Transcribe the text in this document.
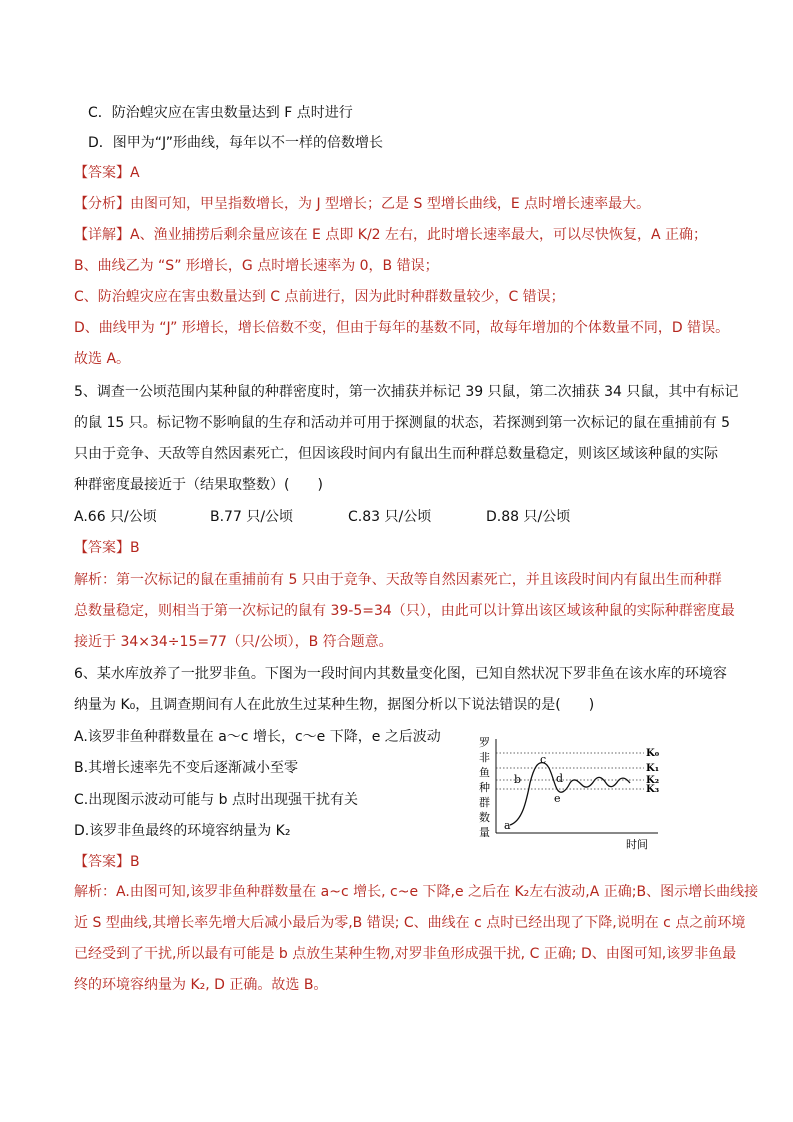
C．防治蝗灾应在害虫数量达到 F 点时进行
D．图甲为“J”形曲线，每年以不一样的倍数增长
【答案】A
【分析】由图可知，甲呈指数增长，为 J 型增长；乙是 S 型增长曲线，E 点时增长速率最大。
【详解】A、渔业捕捞后剩余量应该在 E 点即 K/2 左右，此时增长速率最大，可以尽快恢复，A 正确；
B、曲线乙为 “S” 形增长，G 点时增长速率为 0，B 错误；
C、防治蝗灾应在害虫数量达到 C 点前进行，因为此时种群数量较少，C 错误；
D、曲线甲为 “J” 形增长，增长倍数不变，但由于每年的基数不同，故每年增加的个体数量不同，D 错误。
故选 A。
5、调查一公顷范围内某种鼠的种群密度时，第一次捕获并标记 39 只鼠，第二次捕获 34 只鼠，其中有标记
的鼠 15 只。标记物不影响鼠的生存和活动并可用于探测鼠的状态，若探测到第一次标记的鼠在重捕前有 5
只由于竞争、天敌等自然因素死亡，但因该段时间内有鼠出生而种群总数量稳定，则该区域该种鼠的实际
种群密度最接近于（结果取整数）(　　)
A.66 只/公顷	B.77 只/公顷	C.83 只/公顷	D.88 只/公顷
【答案】B
解析：第一次标记的鼠在重捕前有 5 只由于竞争、天敌等自然因素死亡，并且该段时间内有鼠出生而种群
总数量稳定，则相当于第一次标记的鼠有 39-5=34（只），由此可以计算出该区域该种鼠的实际种群密度最
接近于 34×34÷15=77（只/公顷），B 符合题意。
6、某水库放养了一批罗非鱼。下图为一段时间内其数量变化图，已知自然状况下罗非鱼在该水库的环境容
纳量为 K₀，且调查期间有人在此放生过某种生物，据图分析以下说法错误的是(　　)
A.该罗非鱼种群数量在 a～c 增长，c～e 下降，e 之后波动
B.其增长速率先不变后逐渐减小至零
C.出现图示波动可能与 b 点时出现强干扰有关
D.该罗非鱼最终的环境容纳量为 K₂
罗
非
鱼
种
群
数
量
时间
K₀
K₁
K₂
K₃
a
b
c
d
e
【答案】B
解析：A.由图可知,该罗非鱼种群数量在 a~c 增长, c~e 下降,e 之后在 K₂左右波动,A 正确;B、图示增长曲线接
近 S 型曲线,其增长率先增大后减小最后为零,B 错误; C、曲线在 c 点时已经出现了下降,说明在 c 点之前环境
已经受到了干扰,所以最有可能是 b 点放生某种生物,对罗非鱼形成强干扰, C 正确; D、由图可知,该罗非鱼最
终的环境容纳量为 K₂, D 正确。故选 B。
